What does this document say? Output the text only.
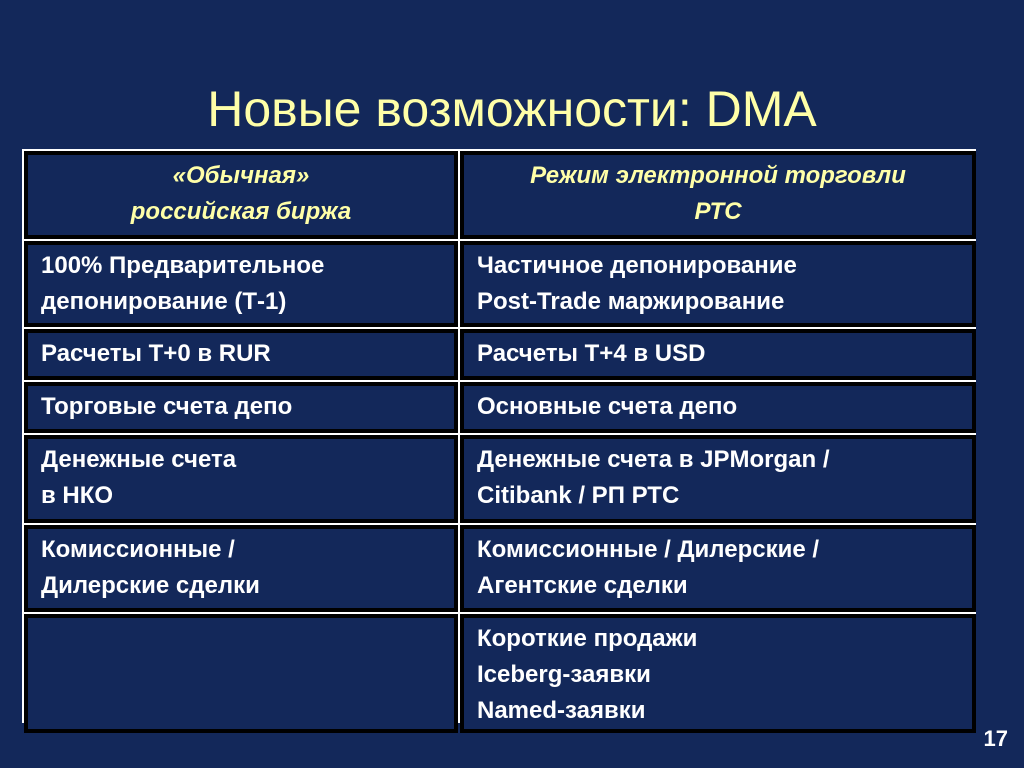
Новые возможности: DMA
«Обычная»
российская биржа
Режим электронной торговли
РТС
100% Предварительное
депонирование (Т-1)
Частичное депонирование
Post-Trade маржирование
Расчеты Т+0 в RUR	Расчеты Т+4 в USD
Торговые счета депо	Основные счета депо
Денежные счета
в НКО
Денежные счета в JPMorgan /
Citibank / РП РТС
Комиссионные /
Дилерские сделки
Комиссионные / Дилерские /
Агентские сделки
Короткие продажи
Iceberg-заявки
Named-заявки
17
